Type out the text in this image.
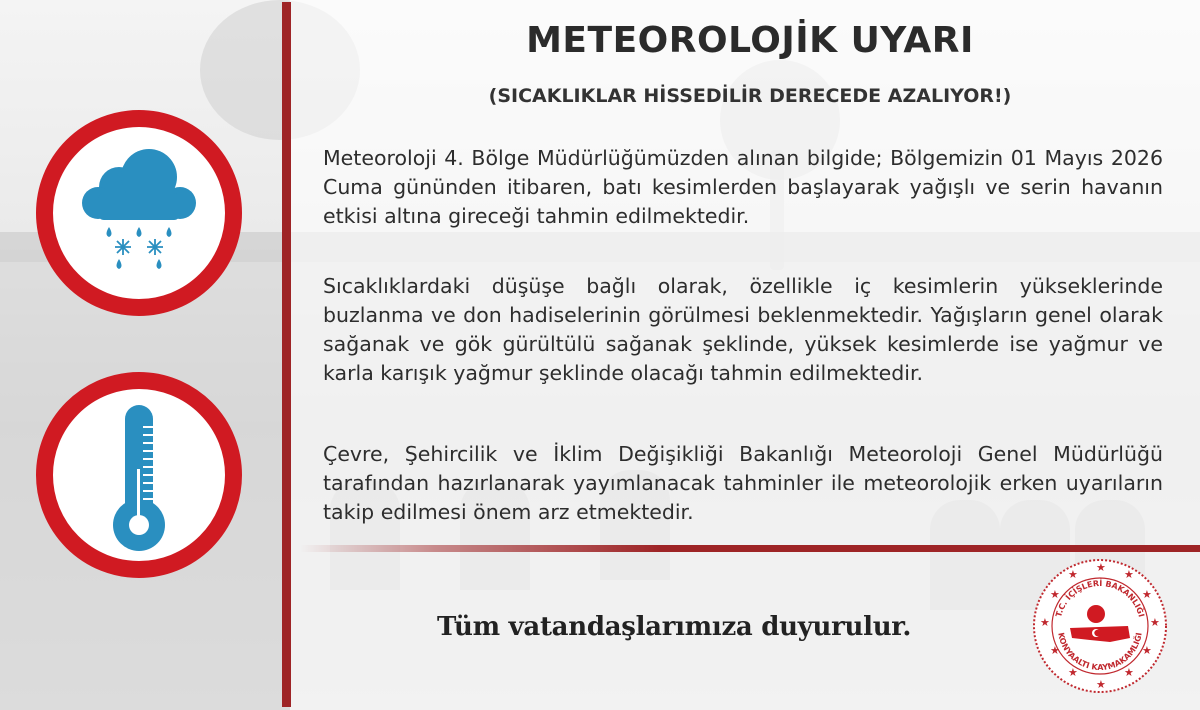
METEOROLOJİK UYARI
(SICAKLIKLAR HİSSEDİLİR DERECEDE AZALIYOR!)
Meteoroloji 4. Bölge Müdürlüğümüzden alınan bilgide; Bölgemizin 01 Mayıs 2026 Cuma gününden itibaren, batı kesimlerden başlayarak yağışlı ve serin havanın etkisi altına gireceği tahmin edilmektedir.
Sıcaklıklardaki düşüşe bağlı olarak, özellikle iç kesimlerin yükseklerinde buzlanma ve don hadiselerinin görülmesi beklenmektedir. Yağışların genel olarak sağanak ve gök gürültülü sağanak şeklinde, yüksek kesimlerde ise yağmur ve karla karışık yağmur şeklinde olacağı tahmin edilmektedir.
Çevre, Şehircilik ve İklim Değişikliği Bakanlığı Meteoroloji Genel Müdürlüğü tarafından hazırlanarak yayımlanacak tahminler ile meteorolojik erken uyarıların takip edilmesi önem arz etmektedir.
Tüm vatandaşlarımıza duyurulur.
★
★
★
★
★
★
★
★
★
★
★
★
T.C. İÇİŞLERİ BAKANLIĞI
KONYAALTI KAYMAKAMLIĞI
